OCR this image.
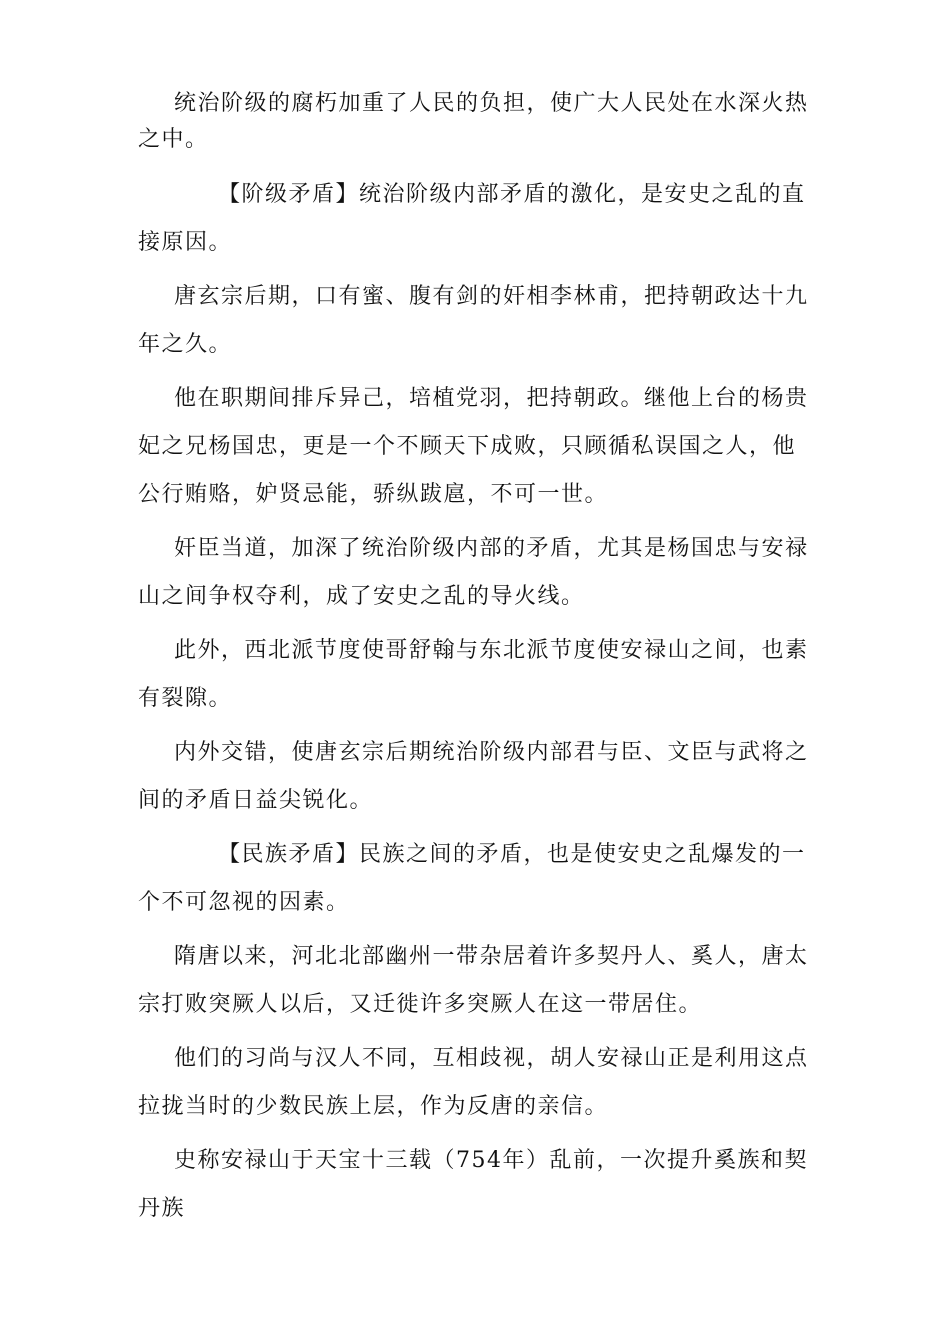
统治阶级的腐朽加重了人民的负担，使广大人民处在水深火热之中。

【阶级矛盾】统治阶级内部矛盾的激化，是安史之乱的直接原因。

唐玄宗后期，口有蜜、腹有剑的奸相李林甫，把持朝政达十九年之久。

他在职期间排斥异己，培植党羽，把持朝政。继他上台的杨贵妃之兄杨国忠，更是一个不顾天下成败，只顾循私误国之人，他公行贿赂，妒贤忌能，骄纵跋扈，不可一世。

奸臣当道，加深了统治阶级内部的矛盾，尤其是杨国忠与安禄山之间争权夺利，成了安史之乱的导火线。

此外，西北派节度使哥舒翰与东北派节度使安禄山之间，也素有裂隙。

内外交错，使唐玄宗后期统治阶级内部君与臣、文臣与武将之间的矛盾日益尖锐化。

【民族矛盾】民族之间的矛盾，也是使安史之乱爆发的一个不可忽视的因素。

隋唐以来，河北北部幽州一带杂居着许多契丹人、奚人，唐太宗打败突厥人以后，又迁徙许多突厥人在这一带居住。

他们的习尚与汉人不同，互相歧视，胡人安禄山正是利用这点拉拢当时的少数民族上层，作为反唐的亲信。

史称安禄山于天宝十三载（754年）乱前，一次提升奚族和契丹族
